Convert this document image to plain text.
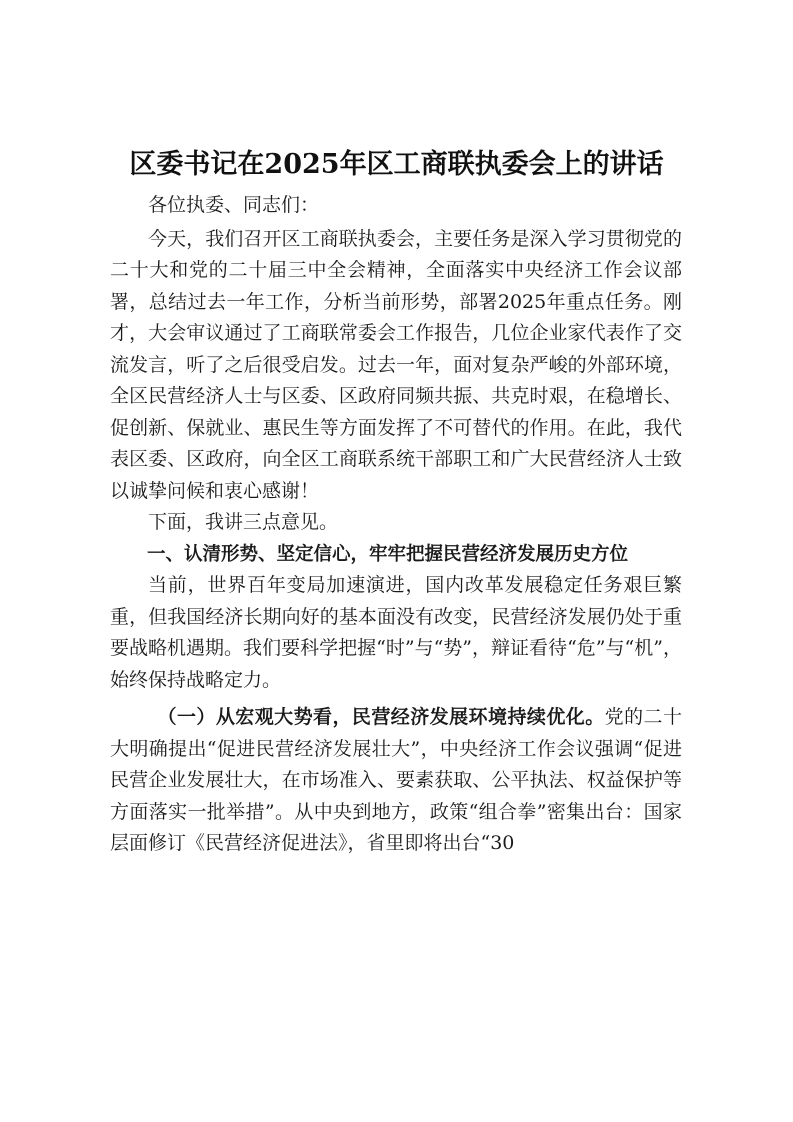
区委书记在2025年区工商联执委会上的讲话

各位执委、同志们：

今天，我们召开区工商联执委会，主要任务是深入学习贯彻党的二十大和党的二十届三中全会精神，全面落实中央经济工作会议部署，总结过去一年工作，分析当前形势，部署2025年重点任务。刚才，大会审议通过了工商联常委会工作报告，几位企业家代表作了交流发言，听了之后很受启发。过去一年，面对复杂严峻的外部环境，全区民营经济人士与区委、区政府同频共振、共克时艰，在稳增长、促创新、保就业、惠民生等方面发挥了不可替代的作用。在此，我代表区委、区政府，向全区工商联系统干部职工和广大民营经济人士致以诚挚问候和衷心感谢！

下面，我讲三点意见。

一、认清形势、坚定信心，牢牢把握民营经济发展历史方位

当前，世界百年变局加速演进，国内改革发展稳定任务艰巨繁重，但我国经济长期向好的基本面没有改变，民营经济发展仍处于重要战略机遇期。我们要科学把握“时”与“势”，辩证看待“危”与“机”，始终保持战略定力。

（一）从宏观大势看，民营经济发展环境持续优化。党的二十大明确提出“促进民营经济发展壮大”，中央经济工作会议强调“促进民营企业发展壮大，在市场准入、要素获取、公平执法、权益保护等方面落实一批举措”。从中央到地方，政策“组合拳”密集出台：国家层面修订《民营经济促进法》，省里即将出台“30
